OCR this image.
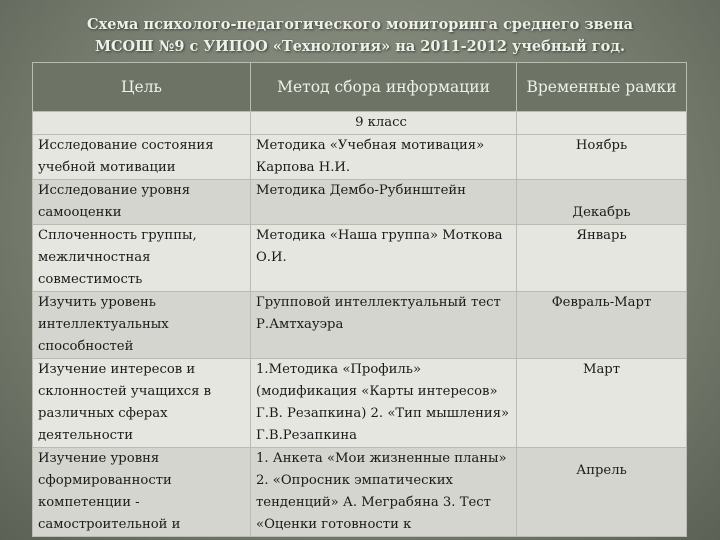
Схема психолого-педагогического мониторинга среднего звена
МСОШ №9 с УИПОО «Технология» на 2011-2012 учебный год.
Цель	Метод сбора информации	Временные рамки
	9 класс	
Исследование состояния учебной мотивации	Методика «Учебная мотивация» Карпова Н.И.	Ноябрь
Исследование уровня самооценки	Методика Дембо-Рубинштейн	Декабрь
Сплоченность группы, межличностная совместимость	Методика «Наша группа» Моткова О.И.	Январь
Изучить уровень интеллектуальных способностей	Групповой интеллектуальный тест Р.Амтхауэра	Февраль-Март
Изучение интересов и склонностей учащихся в различных сферах деятельности	1.Методика «Профиль» (модификация «Карты интересов» Г.В. Резапкина) 2. «Тип мышления» Г.В.Резапкина	Март
Изучение уровня сформированности компетенции - самостроительной и	1. Анкета «Мои жизненные планы» 2. «Опросник эмпатических тенденций» А. Меграбяна 3. Тест «Оценки готовности к	Апрель
